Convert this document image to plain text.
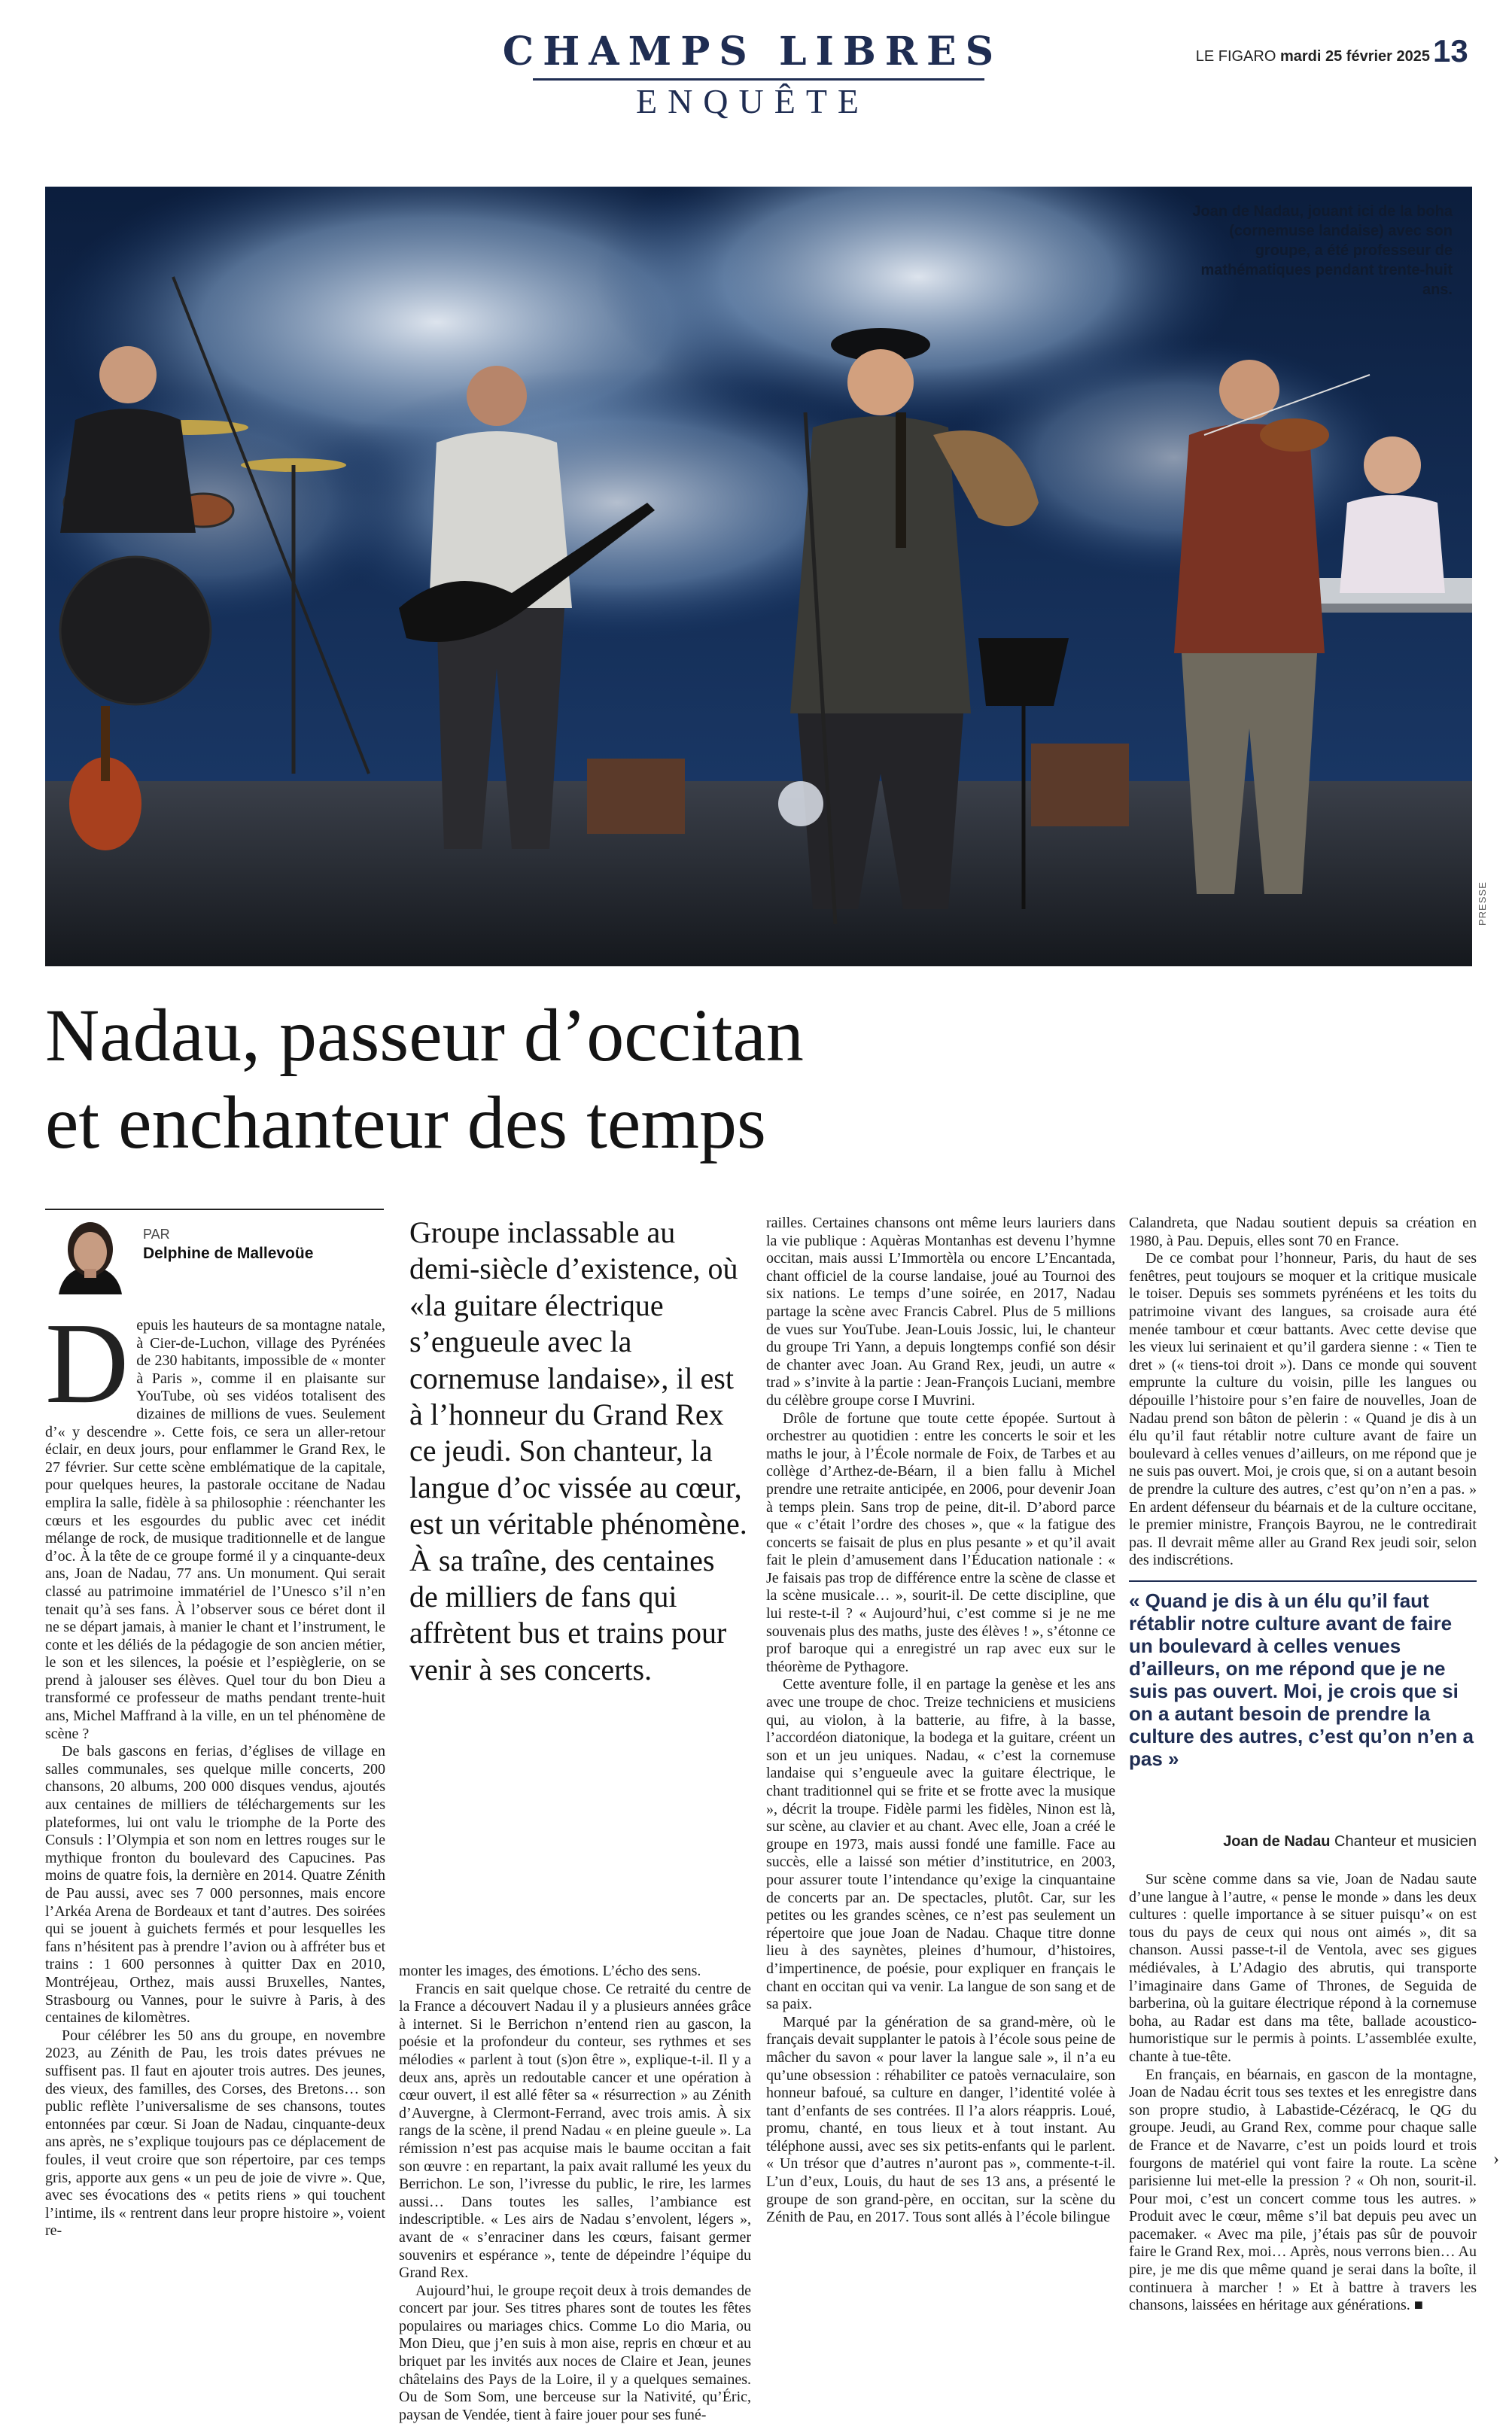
CHAMPS LIBRES
ENQUÊTE
LE FIGARO mardi 25 février 2025 13
Joan de Nadau, jouant ici de la boha (cornemuse landaise) avec son groupe, a été professeur de mathématiques pendant trente-huit ans.
PRESSE
Nadau, passeur d’occitan
et enchanteur des temps
PAR
Delphine de Mallevoüe
Groupe inclassable au demi-siècle d’existence, où «la guitare électrique s’engueule avec la cornemuse landaise», il est à l’honneur du Grand Rex ce jeudi. Son chanteur, la langue d’oc vissée au cœur, est un véritable phénomène. À sa traîne, des centaines de milliers de fans qui affrètent bus et trains pour venir à ses concerts.

Depuis les hauteurs de sa montagne natale, à Cier-de-Luchon, village des Pyrénées de 230 habitants, impossible de « monter à Paris », comme il en plaisante sur YouTube, où ses vidéos totalisent des dizaines de millions de vues. Seulement d’« y descendre ». Cette fois, ce sera un aller-retour éclair, en deux jours, pour enflammer le Grand Rex, le 27 février. Sur cette scène emblématique de la capitale, pour quelques heures, la pastorale occitane de Nadau emplira la salle, fidèle à sa philosophie : réenchanter les cœurs et les esgourdes du public avec cet inédit mélange de rock, de musique traditionnelle et de langue d’oc. À la tête de ce groupe formé il y a cinquante-deux ans, Joan de Nadau, 77 ans. Un monument. Qui serait classé au patrimoine immatériel de l’Unesco s’il n’en tenait qu’à ses fans. À l’observer sous ce béret dont il ne se départ jamais, à manier le chant et l’instrument, le conte et les déliés de la pédagogie de son ancien métier, le son et les silences, la poésie et l’espièglerie, on se prend à jalouser ses élèves. Quel tour du bon Dieu a transformé ce professeur de maths pendant trente-huit ans, Michel Maffrand à la ville, en un tel phénomène de scène ?

De bals gascons en ferias, d’églises de village en salles communales, ses quelque mille concerts, 200 chansons, 20 albums, 200 000 disques vendus, ajoutés aux centaines de milliers de téléchargements sur les plateformes, lui ont valu le triomphe de la Porte des Consuls : l’Olympia et son nom en lettres rouges sur le mythique fronton du boulevard des Capucines. Pas moins de quatre fois, la dernière en 2014. Quatre Zénith de Pau aussi, avec ses 7 000 personnes, mais encore l’Arkéa Arena de Bordeaux et tant d’autres. Des soirées qui se jouent à guichets fermés et pour lesquelles les fans n’hésitent pas à prendre l’avion ou à affréter bus et trains : 1 600 personnes à quitter Dax en 2010, Montréjeau, Orthez, mais aussi Bruxelles, Nantes, Strasbourg ou Vannes, pour le suivre à Paris, à des centaines de kilomètres.

Pour célébrer les 50 ans du groupe, en novembre 2023, au Zénith de Pau, les trois dates prévues ne suffisent pas. Il faut en ajouter trois autres. Des jeunes, des vieux, des familles, des Corses, des Bretons… son public reflète l’universalisme de ses chansons, toutes entonnées par cœur. Si Joan de Nadau, cinquante-deux ans après, ne s’explique toujours pas ce déplacement de foules, il veut croire que son répertoire, par ces temps gris, apporte aux gens « un peu de joie de vivre ». Que, avec ses évocations des « petits riens » qui touchent l’intime, ils « rentrent dans leur propre histoire », voient re-

monter les images, des émotions. L’écho des sens.

Francis en sait quelque chose. Ce retraité du centre de la France a découvert Nadau il y a plusieurs années grâce à internet. Si le Berrichon n’entend rien au gascon, la poésie et la profondeur du conteur, ses rythmes et ses mélodies « parlent à tout (s)on être », explique-t-il. Il y a deux ans, après un redoutable cancer et une opération à cœur ouvert, il est allé fêter sa « résurrection » au Zénith d’Auvergne, à Clermont-Ferrand, avec trois amis. À six rangs de la scène, il prend Nadau « en pleine gueule ». La rémission n’est pas acquise mais le baume occitan a fait son œuvre : en repartant, la paix avait rallumé les yeux du Berrichon. Le son, l’ivresse du public, le rire, les larmes aussi… Dans toutes les salles, l’ambiance est indescriptible. « Les airs de Nadau s’envolent, légers », avant de « s’enraciner dans les cœurs, faisant germer souvenirs et espérance », tente de dépeindre l’équipe du Grand Rex.

Aujourd’hui, le groupe reçoit deux à trois demandes de concert par jour. Ses titres phares sont de toutes les fêtes populaires ou mariages chics. Comme Lo dio Maria, ou Mon Dieu, que j’en suis à mon aise, repris en chœur et au briquet par les invités aux noces de Claire et Jean, jeunes châtelains des Pays de la Loire, il y a quelques semaines. Ou de Som Som, une berceuse sur la Nativité, qu’Éric, paysan de Vendée, tient à faire jouer pour ses funé-

railles. Certaines chansons ont même leurs lauriers dans la vie publique : Aquèras Montanhas est devenu l’hymne occitan, mais aussi L’Immortèla ou encore L’Encantada, chant officiel de la course landaise, joué au Tournoi des six nations. Le temps d’une soirée, en 2017, Nadau partage la scène avec Francis Cabrel. Plus de 5 millions de vues sur YouTube. Jean-Louis Jossic, lui, le chanteur du groupe Tri Yann, a depuis longtemps confié son désir de chanter avec Joan. Au Grand Rex, jeudi, un autre « trad » s’invite à la partie : Jean-François Luciani, membre du célèbre groupe corse I Muvrini.

Drôle de fortune que toute cette épopée. Surtout à orchestrer au quotidien : entre les concerts le soir et les maths le jour, à l’École normale de Foix, de Tarbes et au collège d’Arthez-de-Béarn, il a bien fallu à Michel prendre une retraite anticipée, en 2006, pour devenir Joan à temps plein. Sans trop de peine, dit-il. D’abord parce que « c’était l’ordre des choses », que « la fatigue des concerts se faisait de plus en plus pesante » et qu’il avait fait le plein d’amusement dans l’Éducation nationale : « Je faisais pas trop de différence entre la scène de classe et la scène musicale… », sourit-il. De cette discipline, que lui reste-t-il ? « Aujourd’hui, c’est comme si je ne me souvenais plus des maths, juste des élèves ! », s’étonne ce prof baroque qui a enregistré un rap avec eux sur le théorème de Pythagore.

Cette aventure folle, il en partage la genèse et les ans avec une troupe de choc. Treize techniciens et musiciens qui, au violon, à la batterie, au fifre, à la basse, l’accordéon diatonique, la bodega et la guitare, créent un son et un jeu uniques. Nadau, « c’est la cornemuse landaise qui s’engueule avec la guitare électrique, le chant traditionnel qui se frite et se frotte avec la musique », décrit la troupe. Fidèle parmi les fidèles, Ninon est là, sur scène, au clavier et au chant. Avec elle, Joan a créé le groupe en 1973, mais aussi fondé une famille. Face au succès, elle a laissé son métier d’institutrice, en 2003, pour assurer toute l’intendance qu’exige la cinquantaine de concerts par an. De spectacles, plutôt. Car, sur les petites ou les grandes scènes, ce n’est pas seulement un répertoire que joue Joan de Nadau. Chaque titre donne lieu à des saynètes, pleines d’humour, d’histoires, d’impertinence, de poésie, pour expliquer en français le chant en occitan qui va venir. La langue de son sang et de sa paix.

Marqué par la génération de sa grand-mère, où le français devait supplanter le patois à l’école sous peine de mâcher du savon « pour laver la langue sale », il n’a eu qu’une obsession : réhabiliter ce patoès vernaculaire, son honneur bafoué, sa culture en danger, l’identité volée à tant d’enfants de ses contrées. Il l’a alors réappris. Loué, promu, chanté, en tous lieux et à tout instant. Au téléphone aussi, avec ses six petits-enfants qui le parlent. « Un trésor que d’autres n’auront pas », commente-t-il. L’un d’eux, Louis, du haut de ses 13 ans, a présenté le groupe de son grand-père, en occitan, sur la scène du Zénith de Pau, en 2017. Tous sont allés à l’école bilingue

Calandreta, que Nadau soutient depuis sa création en 1980, à Pau. Depuis, elles sont 70 en France.

De ce combat pour l’honneur, Paris, du haut de ses fenêtres, peut toujours se moquer et la critique musicale le toiser. Depuis ses sommets pyrénéens et les toits du patrimoine vivant des langues, sa croisade aura été menée tambour et cœur battants. Avec cette devise que les vieux lui serinaient et qu’il gardera sienne : « Tien te dret » (« tiens-toi droit »). Dans ce monde qui souvent emprunte la culture du voisin, pille les langues ou dépouille l’histoire pour s’en faire de nouvelles, Joan de Nadau prend son bâton de pèlerin : « Quand je dis à un élu qu’il faut rétablir notre culture avant de faire un boulevard à celles venues d’ailleurs, on me répond que je ne suis pas ouvert. Moi, je crois que, si on a autant besoin de prendre la culture des autres, c’est qu’on n’en a pas. » En ardent défenseur du béarnais et de la culture occitane, le premier ministre, François Bayrou, ne le contredirait pas. Il devrait même aller au Grand Rex jeudi soir, selon des indiscrétions.

« Quand je dis à un élu qu’il faut rétablir notre culture avant de faire un boulevard à celles venues d’ailleurs, on me répond que je ne suis pas ouvert. Moi, je crois que si on a autant besoin de prendre la culture des autres, c’est qu’on n’en a pas »
Joan de Nadau Chanteur et musicien

Sur scène comme dans sa vie, Joan de Nadau saute d’une langue à l’autre, « pense le monde » dans les deux cultures : quelle importance à se situer puisqu’« on est tous du pays de ceux qui nous ont aimés », dit sa chanson. Aussi passe-t-il de Ventola, avec ses gigues médiévales, à L’Adagio des abrutis, qui transporte l’imaginaire dans Game of Thrones, de Seguida de barberina, où la guitare électrique répond à la cornemuse boha, au Radar est dans ma tête, ballade acoustico-humoristique sur le permis à points. L’assemblée exulte, chante à tue-tête.

En français, en béarnais, en gascon de la montagne, Joan de Nadau écrit tous ses textes et les enregistre dans son propre studio, à Labastide-Cézéracq, le QG du groupe. Jeudi, au Grand Rex, comme pour chaque salle de France et de Navarre, c’est un poids lourd et trois fourgons de matériel qui vont faire la route. La scène parisienne lui met-elle la pression ? « Oh non, sourit-il. Pour moi, c’est un concert comme tous les autres. » Produit avec le cœur, même s’il bat depuis peu avec un pacemaker. « Avec ma pile, j’étais pas sûr de pouvoir faire le Grand Rex, moi… Après, nous verrons bien… Au pire, je me dis que même quand je serai dans la boîte, il continuera à marcher ! » Et à battre à travers les chansons, laissées en héritage aux générations. ■

›
